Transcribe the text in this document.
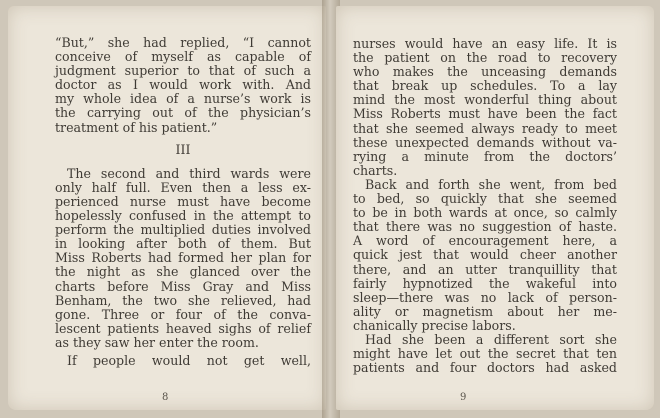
“But,” she had replied, “I cannot
conceive of myself as capable of
judgment superior to that of such a
doctor as I would work with. And
my whole idea of a nurse’s work is
the carrying out of the physician’s
treatment of his patient.”
III
The second and third wards were
only half full. Even then a less ex-
perienced nurse must have become
hopelessly confused in the attempt to
perform the multiplied duties involved
in looking after both of them. But
Miss Roberts had formed her plan for
the night as she glanced over the
charts before Miss Gray and Miss
Benham, the two she relieved, had
gone. Three or four of the conva-
lescent patients heaved sighs of relief
as they saw her enter the room.
If people would not get well,
8
nurses would have an easy life. It is
the patient on the road to recovery
who makes the unceasing demands
that break up schedules. To a lay
mind the most wonderful thing about
Miss Roberts must have been the fact
that she seemed always ready to meet
these unexpected demands without va-
rying a minute from the doctors’
charts.
Back and forth she went, from bed
to bed, so quickly that she seemed
to be in both wards at once, so calmly
that there was no suggestion of haste.
A word of encouragement here, a
quick jest that would cheer another
there, and an utter tranquillity that
fairly hypnotized the wakeful into
sleep—there was no lack of person-
ality or magnetism about her me-
chanically precise labors.
Had she been a different sort she
might have let out the secret that ten
patients and four doctors had asked
9
